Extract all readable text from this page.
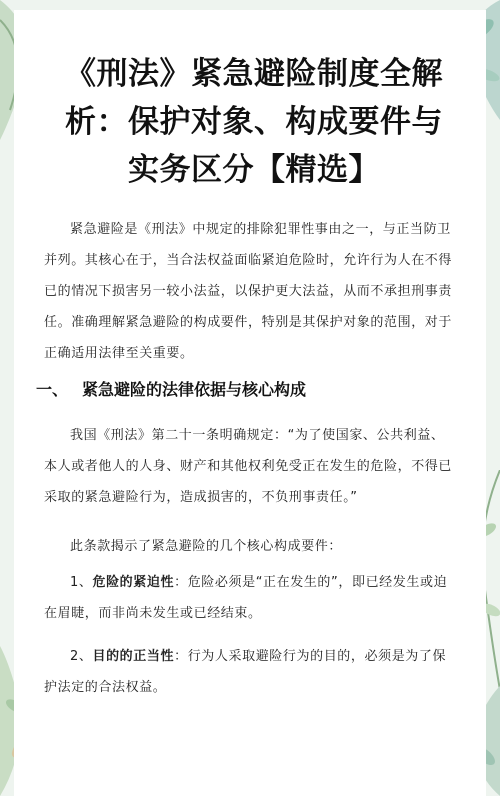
《刑法》紧急避险制度全解析：保护对象、构成要件与实务区分【精选】

紧急避险是《刑法》中规定的排除犯罪性事由之一，与正当防卫并列。其核心在于，当合法权益面临紧迫危险时，允许行为人在不得已的情况下损害另一较小法益，以保护更大法益，从而不承担刑事责任。准确理解紧急避险的构成要件，特别是其保护对象的范围，对于正确适用法律至关重要。

一、 紧急避险的法律依据与核心构成

我国《刑法》第二十一条明确规定：“为了使国家、公共利益、本人或者他人的人身、财产和其他权利免受正在发生的危险，不得已采取的紧急避险行为，造成损害的，不负刑事责任。”

此条款揭示了紧急避险的几个核心构成要件：

1、危险的紧迫性：危险必须是“正在发生的”，即已经发生或迫在眉睫，而非尚未发生或已经结束。

2、目的的正当性：行为人采取避险行为的目的，必须是为了保护法定的合法权益。
